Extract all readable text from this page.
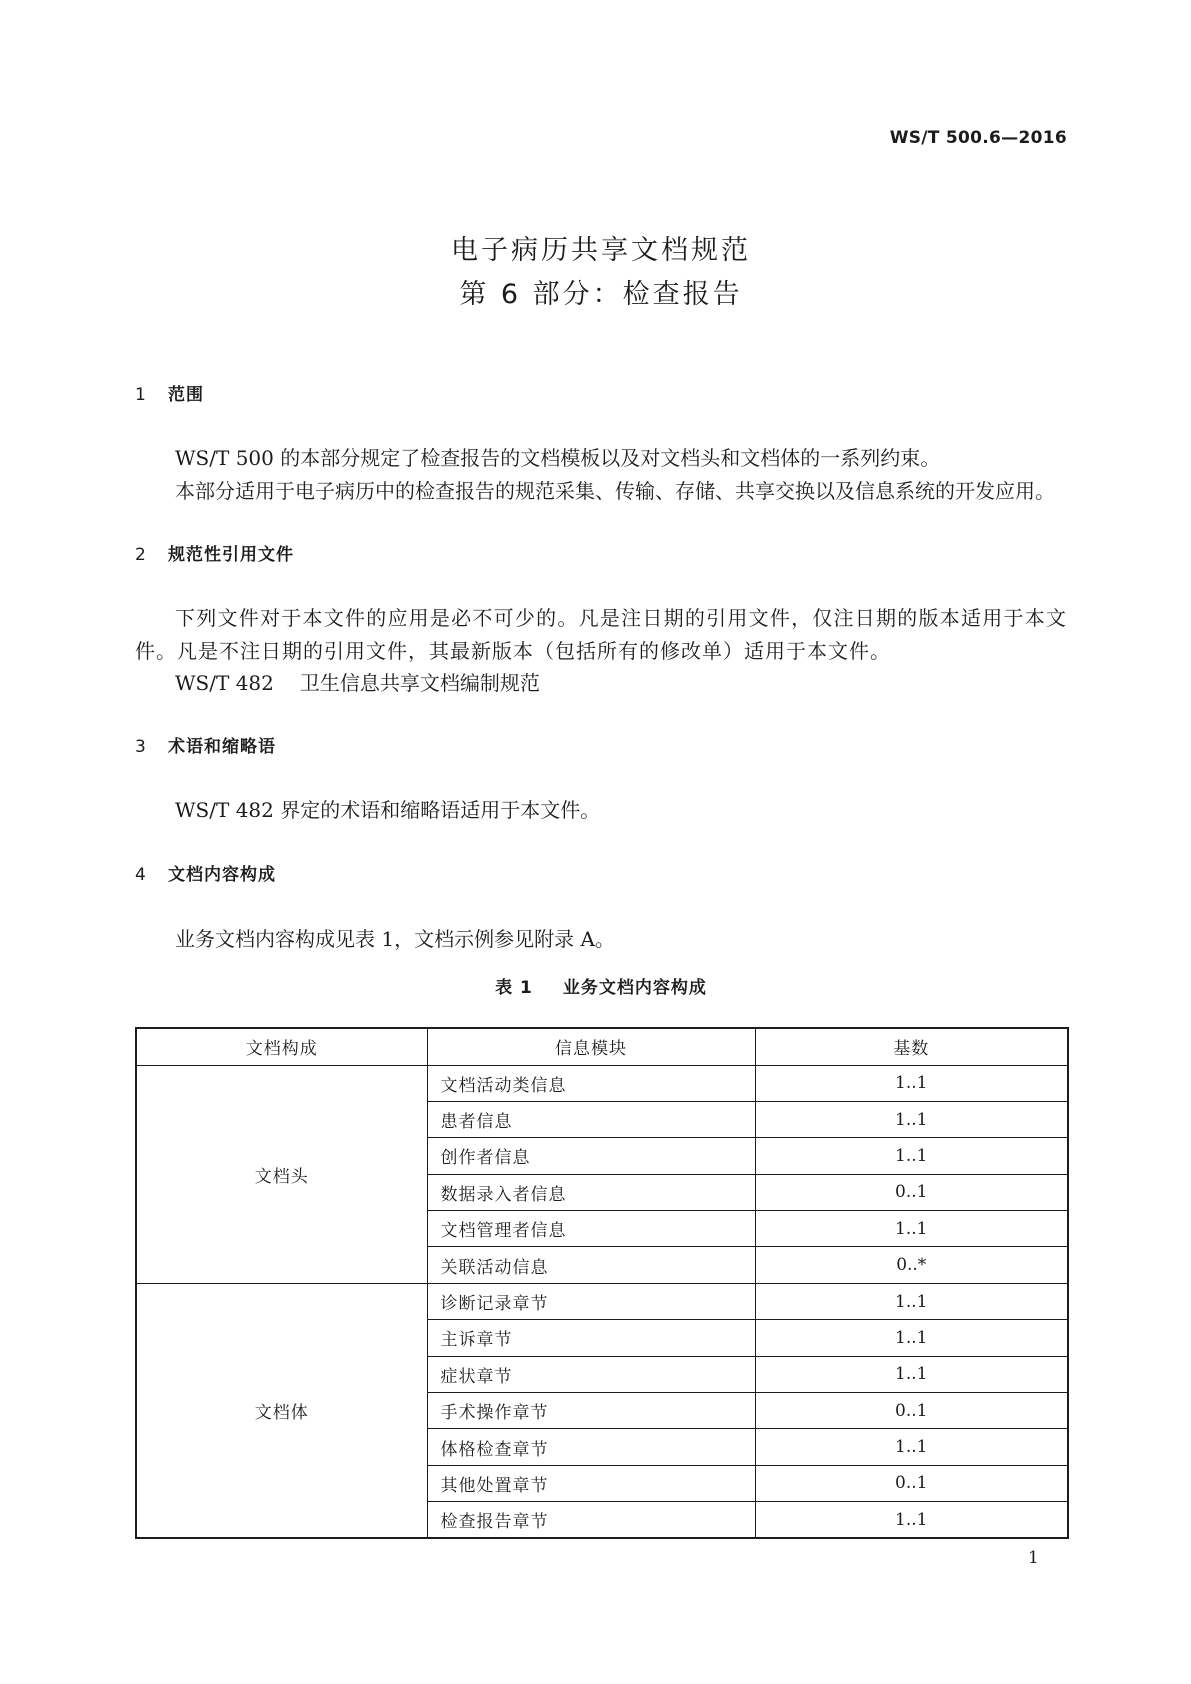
WS/T 500.6—2016
电子病历共享文档规范
第 6 部分：检查报告
1 范围
WS/T 500 的本部分规定了检查报告的文档模板以及对文档头和文档体的一系列约束。
本部分适用于电子病历中的检查报告的规范采集、传输、存储、共享交换以及信息系统的开发应用。
2 规范性引用文件
下列文件对于本文件的应用是必不可少的。凡是注日期的引用文件，仅注日期的版本适用于本文件。凡是不注日期的引用文件，其最新版本（包括所有的修改单）适用于本文件。
WS/T 482 卫生信息共享文档编制规范
3 术语和缩略语
WS/T 482 界定的术语和缩略语适用于本文件。
4 文档内容构成
业务文档内容构成见表 1，文档示例参见附录 A。
表 1 业务文档内容构成
文档构成	信息模块	基数
文档头	文档活动类信息	1..1
	患者信息	1..1
	创作者信息	1..1
	数据录入者信息	0..1
	文档管理者信息	1..1
	关联活动信息	0..*
文档体	诊断记录章节	1..1
	主诉章节	1..1
	症状章节	1..1
	手术操作章节	0..1
	体格检查章节	1..1
	其他处置章节	0..1
	检查报告章节	1..1
1
